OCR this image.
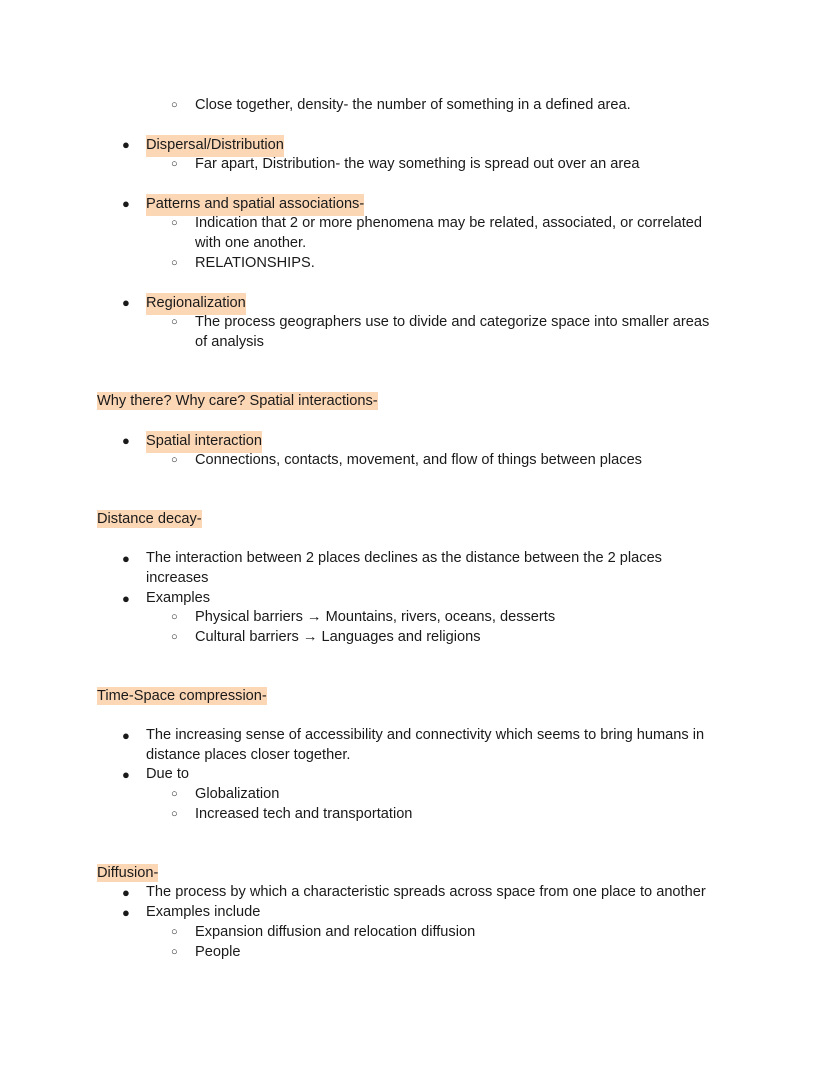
○ Close together, density- the number of something in a defined area.
● Dispersal/Distribution
○ Far apart, Distribution- the way something is spread out over an area
● Patterns and spatial associations-
○ Indication that 2 or more phenomena may be related, associated, or correlated
with one another.
○ RELATIONSHIPS.
● Regionalization
○ The process geographers use to divide and categorize space into smaller areas
of analysis
Why there? Why care? Spatial interactions-
● Spatial interaction
○ Connections, contacts, movement, and flow of things between places
Distance decay-
● The interaction between 2 places declines as the distance between the 2 places
increases
● Examples
○ Physical barriers → Mountains, rivers, oceans, desserts
○ Cultural barriers → Languages and religions
Time-Space compression-
● The increasing sense of accessibility and connectivity which seems to bring humans in
distance places closer together.
● Due to
○ Globalization
○ Increased tech and transportation
Diffusion-
● The process by which a characteristic spreads across space from one place to another
● Examples include
○ Expansion diffusion and relocation diffusion
○ People
